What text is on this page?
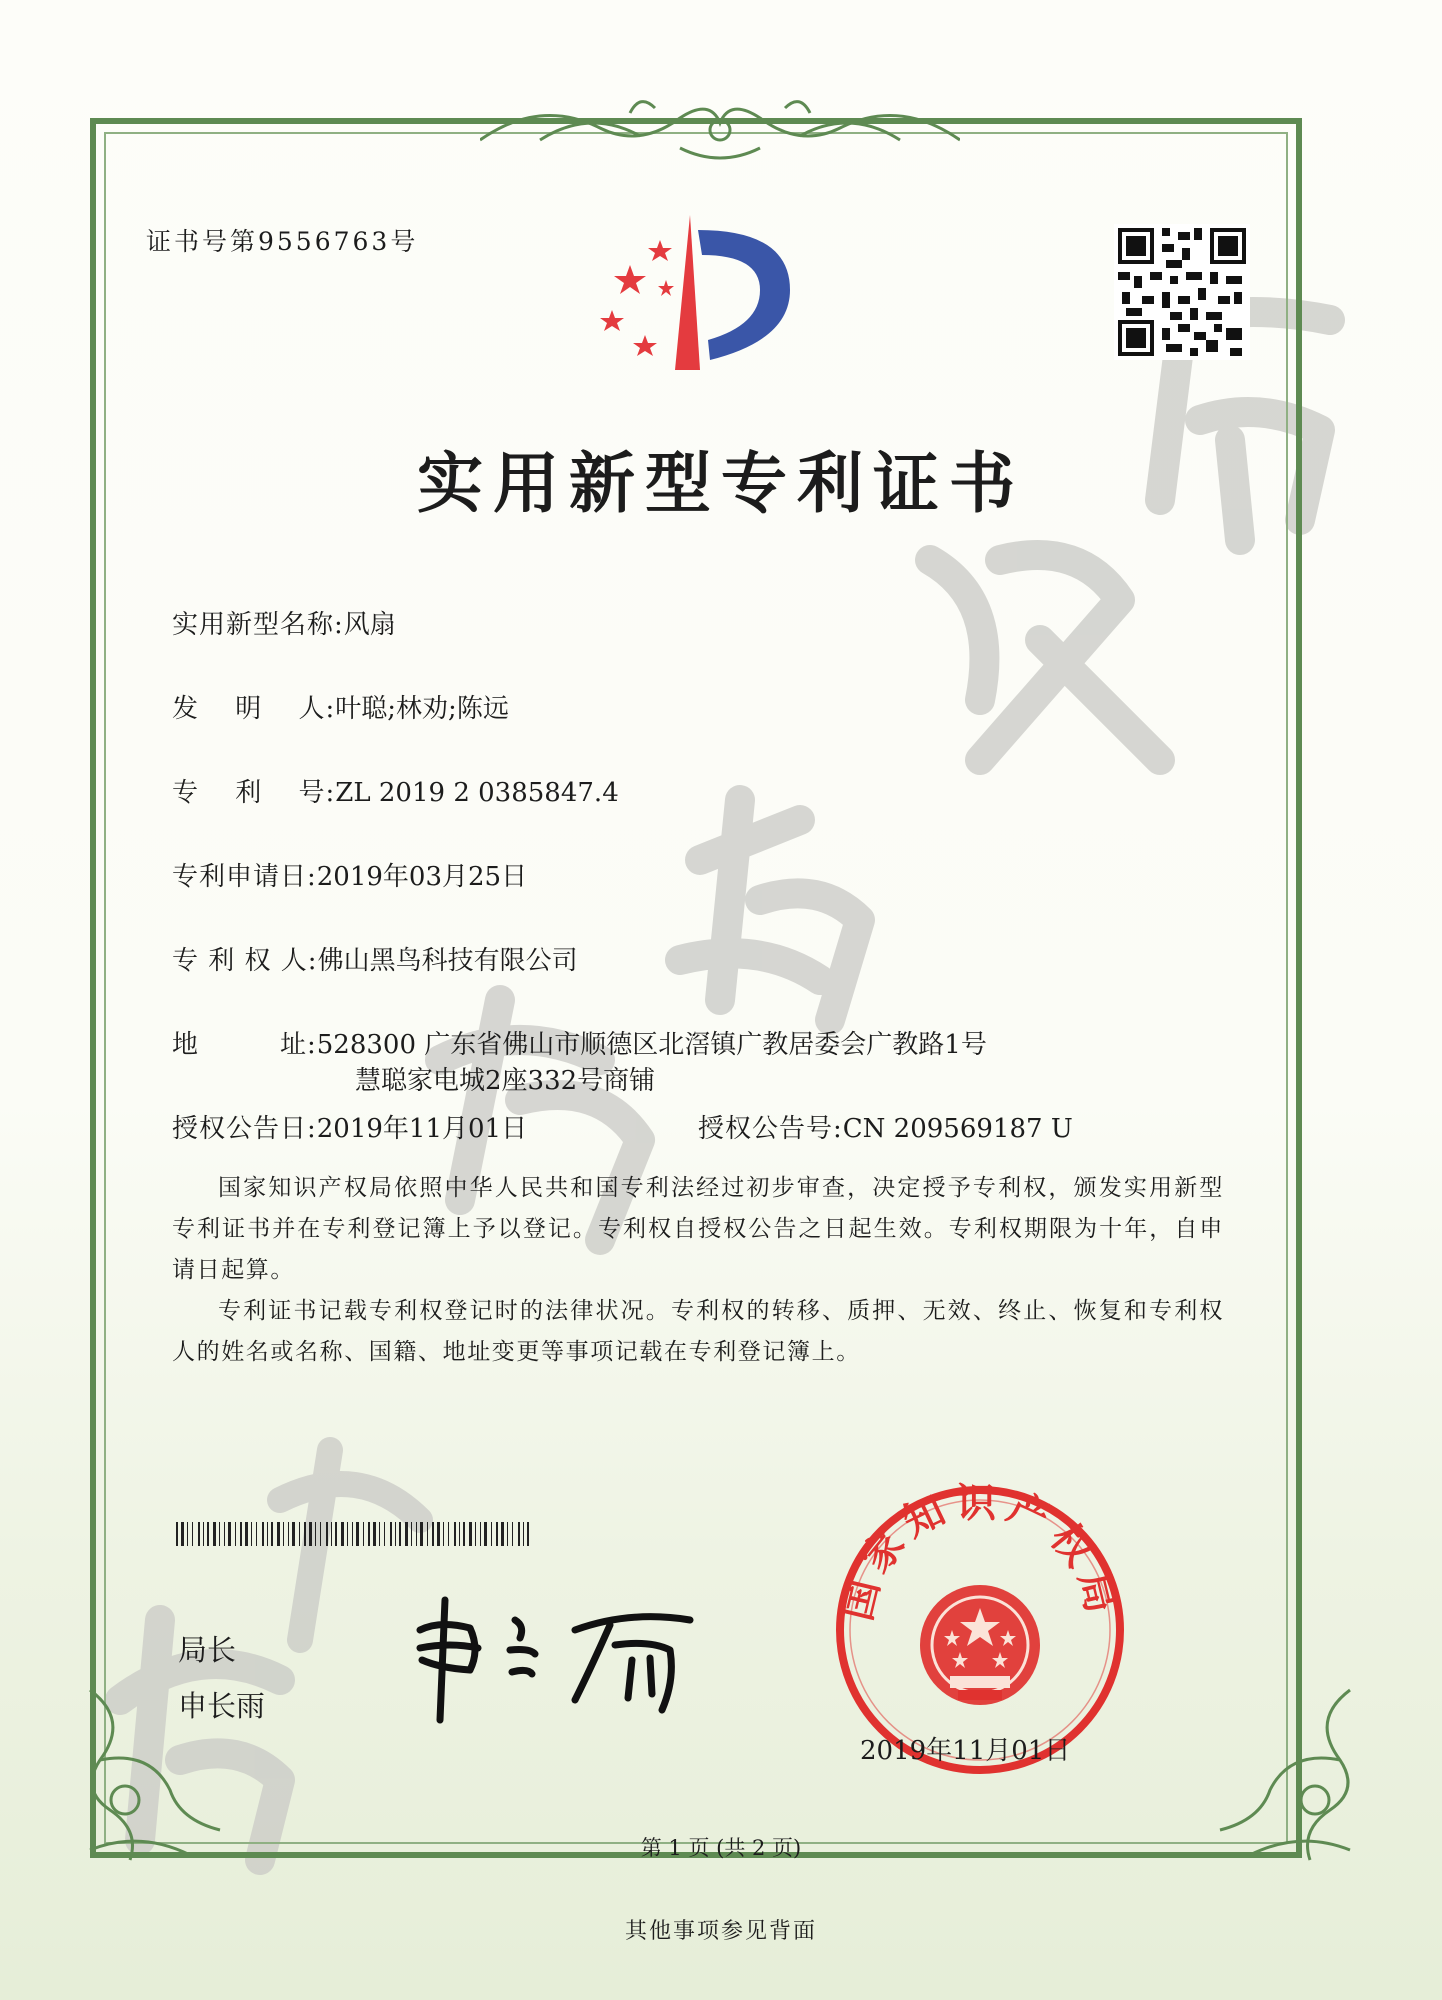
证书号第9556763号
实用新型专利证书
实用新型名称:风扇
发　 明　 人:叶聪;林劝;陈远
专　 利　 号:ZL 2019 2 0385847.4
专利申请日:2019年03月25日
专 利 权 人:佛山黑鸟科技有限公司
地　　　址:528300 广东省佛山市顺德区北滘镇广教居委会广教路1号
慧聪家电城2座332号商铺
授权公告日:2019年11月01日	授权公告号:CN 209569187 U

国家知识产权局依照中华人民共和国专利法经过初步审查，决定授予专利权，颁发实用新型专利证书并在专利登记簿上予以登记。专利权自授权公告之日起生效。专利权期限为十年，自申请日起算。

专利证书记载专利权登记时的法律状况。专利权的转移、质押、无效、终止、恢复和专利权人的姓名或名称、国籍、地址变更等事项记载在专利登记簿上。

局长
申长雨
国家知识产权局
2019年11月01日
第 1 页 (共 2 页)
其他事项参见背面
